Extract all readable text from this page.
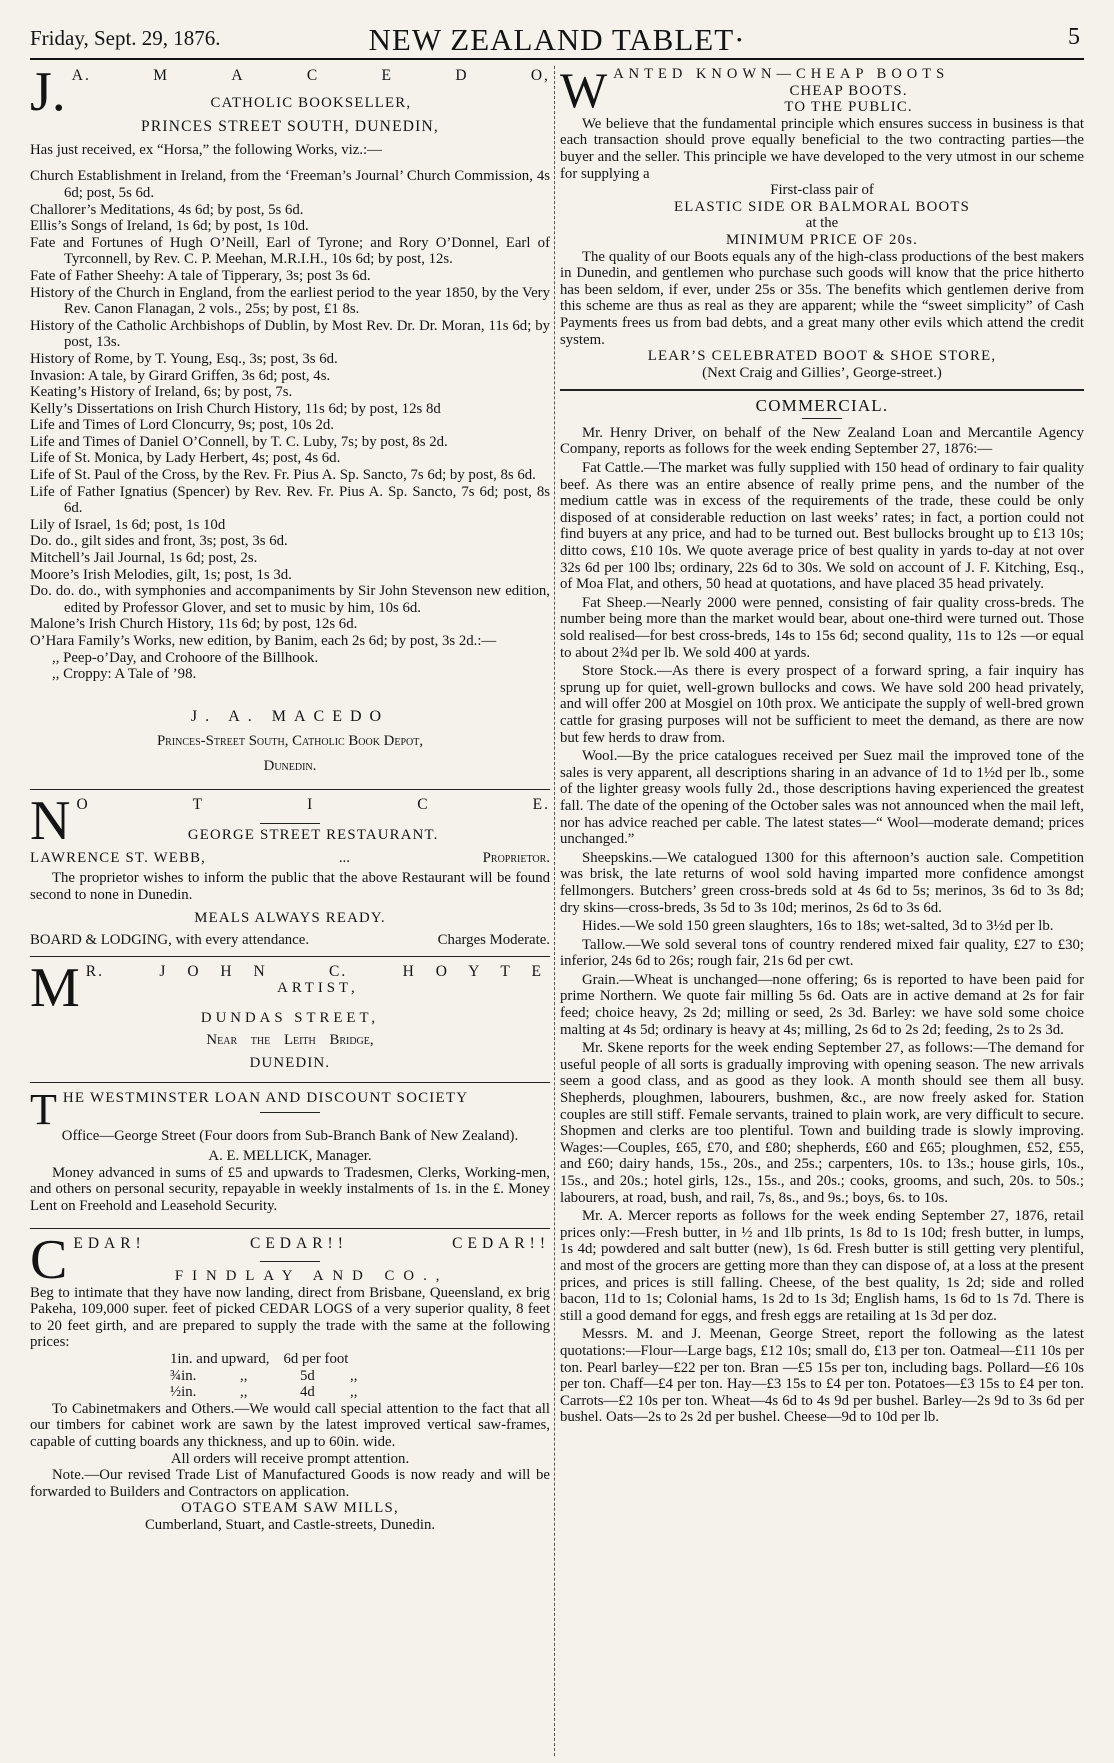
Friday, Sept. 29, 1876.	NEW ZEALAND TABLET·	5
J. A.	M	A	C	E	D	O,

CATHOLIC BOOKSELLER,

PRINCES STREET SOUTH, DUNEDIN,

Has just received, ex “Horsa,” the following Works, viz.:—

Church Establishment in Ireland, from the ‘Freeman’s Journal’ Church Commission, 4s 6d; post, 5s 6d.

Challorer’s Meditations, 4s 6d; by post, 5s 6d.

Ellis’s Songs of Ireland, 1s 6d; by post, 1s 10d.

Fate and Fortunes of Hugh O’Neill, Earl of Tyrone; and Rory O’Donnel, Earl of Tyrconnell, by Rev. C. P. Meehan, M.R.I.H., 10s 6d; by post, 12s.

Fate of Father Sheehy: A tale of Tipperary, 3s; post 3s 6d.

History of the Church in England, from the earliest period to the year 1850, by the Very Rev. Canon Flanagan, 2 vols., 25s; by post, £1 8s.

History of the Catholic Archbishops of Dublin, by Most Rev. Dr. Dr. Moran, 11s 6d; by post, 13s.

History of Rome, by T. Young, Esq., 3s; post, 3s 6d.

Invasion: A tale, by Girard Griffen, 3s 6d; post, 4s.

Keating’s History of Ireland, 6s; by post, 7s.

Kelly’s Dissertations on Irish Church History, 11s 6d; by post, 12s 8d

Life and Times of Lord Cloncurry, 9s; post, 10s 2d.

Life and Times of Daniel O’Connell, by T. C. Luby, 7s; by post, 8s 2d.

Life of St. Monica, by Lady Herbert, 4s; post, 4s 6d.

Life of St. Paul of the Cross, by the Rev. Fr. Pius A. Sp. Sancto, 7s 6d; by post, 8s 6d.

Life of Father Ignatius (Spencer) by Rev. Rev. Fr. Pius A. Sp. Sancto, 7s 6d; post, 8s 6d.

Lily of Israel, 1s 6d; post, 1s 10d

Do. do., gilt sides and front, 3s; post, 3s 6d.

Mitchell’s Jail Journal, 1s 6d; post, 2s.

Moore’s Irish Melodies, gilt, 1s; post, 1s 3d.

Do. do. do., with symphonies and accompaniments by Sir John Stevenson new edition, edited by Professor Glover, and set to music by him, 10s 6d.

Malone’s Irish Church History, 11s 6d; by post, 12s 6d.

O’Hara Family’s Works, new edition, by Banim, each 2s 6d; by post, 3s 2d.:—

,, Peep-o’Day, and Crohoore of the Billhook.

,, Croppy: A Tale of ’98.

J. A. MACEDO

Princes-Street South, Catholic Book Depot,

Dunedin.

N O	T	I	C	E.

GEORGE STREET RESTAURANT.

LAWRENCE ST. WEBB,	...	Proprietor.

The proprietor wishes to inform the public that the above Restaurant will be found second to none in Dunedin.

MEALS ALWAYS READY.

BOARD & LODGING, with every attendance.	Charges Moderate.
M R.	J O H N	C.	H O Y T E

ARTIST,

DUNDAS STREET,

Near the Leith Bridge,

DUNEDIN.

T HE WESTMINSTER LOAN AND DISCOUNT SOCIETY

Office—George Street (Four doors from Sub-Branch Bank of New Zealand).

A. E. MELLICK, Manager.

Money advanced in sums of £5 and upwards to Tradesmen, Clerks, Working-men, and others on personal security, repayable in weekly instalments of 1s. in the £. Money Lent on Freehold and Leasehold Security.

C EDAR!	CEDAR!!	CEDAR!!

FINDLAY AND CO.,

Beg to intimate that they have now landing, direct from Brisbane, Queensland, ex brig Pakeha, 109,000 super. feet of picked CEDAR LOGS of a very superior quality, 8 feet to 20 feet girth, and are prepared to supply the trade with the same at the following prices:

1in. and upward, 6d per foot
¾in.	,,	5d	,,
½in.	,,	4d	,,

To Cabinetmakers and Others.—We would call special attention to the fact that all our timbers for cabinet work are sawn by the latest improved vertical saw-frames, capable of cutting boards any thickness, and up to 60in. wide.

All orders will receive prompt attention.

Note.—Our revised Trade List of Manufactured Goods is now ready and will be forwarded to Builders and Contractors on application.

OTAGO STEAM SAW MILLS,

Cumberland, Stuart, and Castle-streets, Dunedin.

W ANTED KNOWN—CHEAP BOOTS

CHEAP BOOTS.

TO THE PUBLIC.

We believe that the fundamental principle which ensures success in business is that each transaction should prove equally beneficial to the two contracting parties—the buyer and the seller. This principle we have developed to the very utmost in our scheme for supplying a

First-class pair of

ELASTIC SIDE OR BALMORAL BOOTS

at the

MINIMUM PRICE OF 20s.

The quality of our Boots equals any of the high-class productions of the best makers in Dunedin, and gentlemen who purchase such goods will know that the price hitherto has been seldom, if ever, under 25s or 35s. The benefits which gentlemen derive from this scheme are thus as real as they are apparent; while the “sweet simplicity” of Cash Payments frees us from bad debts, and a great many other evils which attend the credit system.

LEAR’S CELEBRATED BOOT & SHOE STORE,

(Next Craig and Gillies’, George-street.)

COMMERCIAL.

Mr. Henry Driver, on behalf of the New Zealand Loan and Mercantile Agency Company, reports as follows for the week ending September 27, 1876:—

Fat Cattle.—The market was fully supplied with 150 head of ordinary to fair quality beef. As there was an entire absence of really prime pens, and the number of the medium cattle was in excess of the requirements of the trade, these could be only disposed of at considerable reduction on last weeks’ rates; in fact, a portion could not find buyers at any price, and had to be turned out. Best bullocks brought up to £13 10s; ditto cows, £10 10s. We quote average price of best quality in yards to-day at not over 32s 6d per 100 lbs; ordinary, 22s 6d to 30s. We sold on account of J. F. Kitching, Esq., of Moa Flat, and others, 50 head at quotations, and have placed 35 head privately.

Fat Sheep.—Nearly 2000 were penned, consisting of fair quality cross-breds. The number being more than the market would bear, about one-third were turned out. Those sold realised—for best cross-breds, 14s to 15s 6d; second quality, 11s to 12s —or equal to about 2¾d per lb. We sold 400 at yards.

Store Stock.—As there is every prospect of a forward spring, a fair inquiry has sprung up for quiet, well-grown bullocks and cows. We have sold 200 head privately, and will offer 200 at Mosgiel on 10th prox. We anticipate the supply of well-bred grown cattle for grasing purposes will not be sufficient to meet the demand, as there are now but few herds to draw from.

Wool.—By the price catalogues received per Suez mail the improved tone of the sales is very apparent, all descriptions sharing in an advance of 1d to 1½d per lb., some of the lighter greasy wools fully 2d., those descriptions having experienced the greatest fall. The date of the opening of the October sales was not announced when the mail left, nor has advice reached per cable. The latest states—“ Wool—moderate demand; prices unchanged.”

Sheepskins.—We catalogued 1300 for this afternoon’s auction sale. Competition was brisk, the late returns of wool sold having imparted more confidence amongst fellmongers. Butchers’ green cross-breds sold at 4s 6d to 5s; merinos, 3s 6d to 3s 8d; dry skins—cross-breds, 3s 5d to 3s 10d; merinos, 2s 6d to 3s 6d.

Hides.—We sold 150 green slaughters, 16s to 18s; wet-salted, 3d to 3½d per lb.

Tallow.—We sold several tons of country rendered mixed fair quality, £27 to £30; inferior, 24s 6d to 26s; rough fair, 21s 6d per cwt.

Grain.—Wheat is unchanged—none offering; 6s is reported to have been paid for prime Northern. We quote fair milling 5s 6d. Oats are in active demand at 2s for fair feed; choice heavy, 2s 2d; milling or seed, 2s 3d. Barley: we have sold some choice malting at 4s 5d; ordinary is heavy at 4s; milling, 2s 6d to 2s 2d; feeding, 2s to 2s 3d.

Mr. Skene reports for the week ending September 27, as follows:—The demand for useful people of all sorts is gradually improving with opening season. The new arrivals seem a good class, and as good as they look. A month should see them all busy. Shepherds, ploughmen, labourers, bushmen, &c., are now freely asked for. Station couples are still stiff. Female servants, trained to plain work, are very difficult to secure. Shopmen and clerks are too plentiful. Town and building trade is slowly improving. Wages:—Couples, £65, £70, and £80; shepherds, £60 and £65; ploughmen, £52, £55, and £60; dairy hands, 15s., 20s., and 25s.; carpenters, 10s. to 13s.; house girls, 10s., 15s., and 20s.; hotel girls, 12s., 15s., and 20s.; cooks, grooms, and such, 20s. to 50s.; labourers, at road, bush, and rail, 7s, 8s., and 9s.; boys, 6s. to 10s.

Mr. A. Mercer reports as follows for the week ending September 27, 1876, retail prices only:—Fresh butter, in ½ and 1lb prints, 1s 8d to 1s 10d; fresh butter, in lumps, 1s 4d; powdered and salt butter (new), 1s 6d. Fresh butter is still getting very plentiful, and most of the grocers are getting more than they can dispose of, at a loss at the present prices, and prices is still falling. Cheese, of the best quality, 1s 2d; side and rolled bacon, 11d to 1s; Colonial hams, 1s 2d to 1s 3d; English hams, 1s 6d to 1s 7d. There is still a good demand for eggs, and fresh eggs are retailing at 1s 3d per doz.

Messrs. M. and J. Meenan, George Street, report the following as the latest quotations:—Flour—Large bags, £12 10s; small do, £13 per ton. Oatmeal—£11 10s per ton. Pearl barley—£22 per ton. Bran —£5 15s per ton, including bags. Pollard—£6 10s per ton. Chaff—£4 per ton. Hay—£3 15s to £4 per ton. Potatoes—£3 15s to £4 per ton. Carrots—£2 10s per ton. Wheat—4s 6d to 4s 9d per bushel. Barley—2s 9d to 3s 6d per bushel. Oats—2s to 2s 2d per bushel. Cheese—9d to 10d per lb.
